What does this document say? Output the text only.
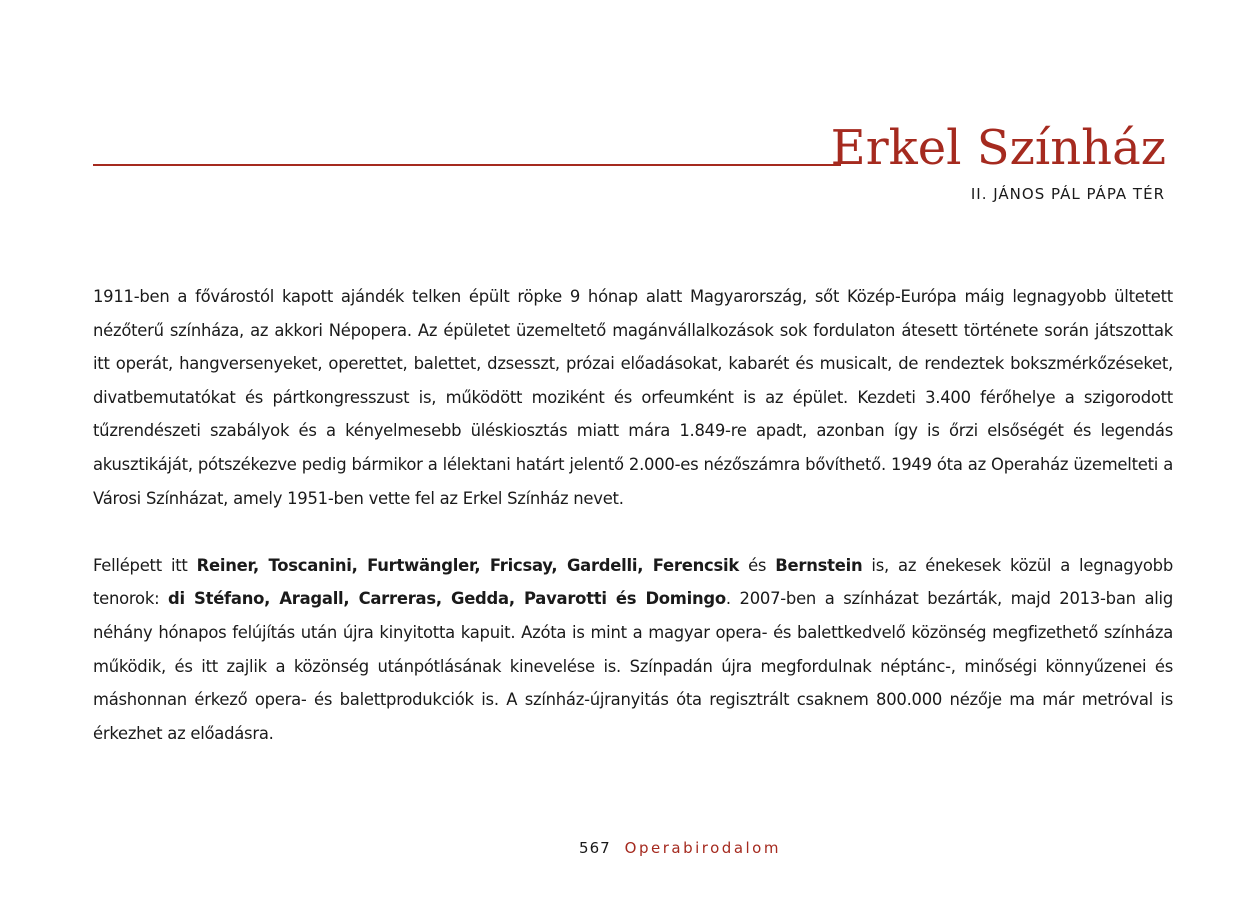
Erkel Színház
II. JÁNOS PÁL PÁPA TÉR

1911-ben a fővárostól kapott ajándék telken épült röpke 9 hónap alatt Magyarország, sőt Közép-Európa máig legnagyobb ültetett nézőterű színháza, az akkori Népopera. Az épületet üzemeltető magánvállalkozások sok fordulaton átesett története során játszottak itt operát, hangversenyeket, operettet, balettet, dzsesszt, prózai előadásokat, kabarét és musicalt, de rendeztek bokszmérkőzéseket, divatbemutatókat és pártkongresszust is, működött moziként és orfeumként is az épület. Kezdeti 3.400 férőhelye a szigorodott tűzrendészeti szabályok és a kényelmesebb üléskiosztás miatt mára 1.849-re apadt, azonban így is őrzi elsőségét és legendás akusztikáját, pótszékezve pedig bármikor a lélektani határt jelentő 2.000-es nézőszámra bővíthető. 1949 óta az Operaház üzemelteti a Városi Színházat, amely 1951-ben vette fel az Erkel Színház nevet.

Fellépett itt Reiner, Toscanini, Furtwängler, Fricsay, Gardelli, Ferencsik és Bernstein is, az énekesek közül a legnagyobb tenorok: di Stéfano, Aragall, Carreras, Gedda, Pavarotti és Domingo. 2007-ben a színházat bezárták, majd 2013-ban alig néhány hónapos felújítás után újra kinyitotta kapuit. Azóta is mint a magyar opera- és balettkedvelő közönség megfizethető színháza működik, és itt zajlik a közönség utánpótlásának kinevelése is. Színpadán újra megfordulnak néptánc-, minőségi könnyűzenei és máshonnan érkező opera- és balettprodukciók is. A színház-újranyitás óta regisztrált csaknem 800.000 nézője ma már metróval is érkezhet az előadásra.

567 Operabirodalom
